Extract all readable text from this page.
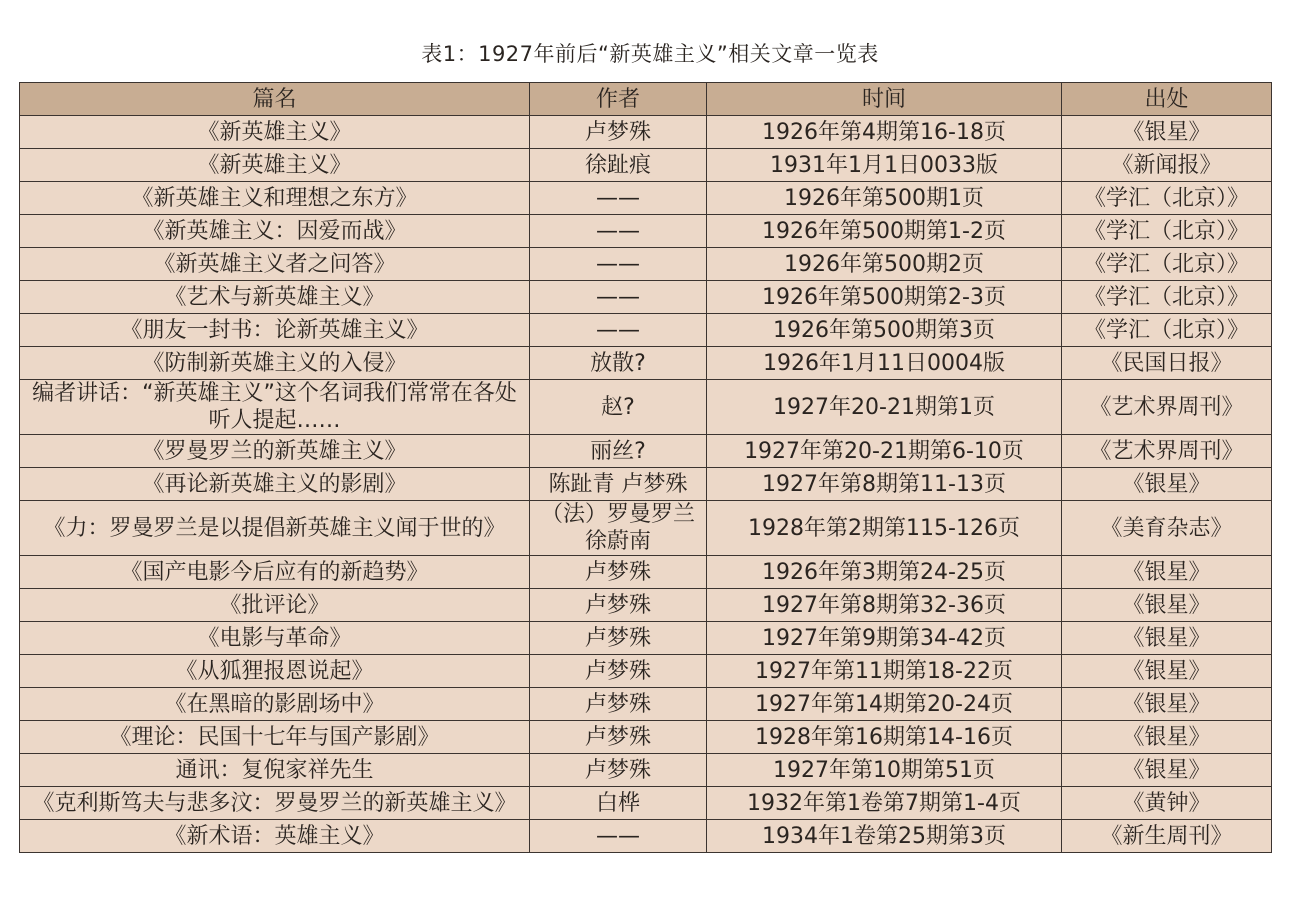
表1：1927年前后“新英雄主义”相关文章一览表
篇名	作者	时间	出处
《新英雄主义》	卢梦殊	1926年第4期第16-18页	《银星》
《新英雄主义》	徐趾痕	1931年1月1日0033版	《新闻报》
《新英雄主义和理想之东方》	——	1926年第500期1页	《学汇（北京）》
《新英雄主义：因爱而战》	——	1926年第500期第1-2页	《学汇（北京）》
《新英雄主义者之问答》	——	1926年第500期2页	《学汇（北京）》
《艺术与新英雄主义》	——	1926年第500期第2-3页	《学汇（北京）》
《朋友一封书：论新英雄主义》	——	1926年第500期第3页	《学汇（北京）》
《防制新英雄主义的入侵》	放散?	1926年1月11日0004版	《民国日报》
编者讲话：“新英雄主义”这个名词我们常常在各处听人提起……	赵?	1927年20-21期第1页	《艺术界周刊》
《罗曼罗兰的新英雄主义》	丽丝?	1927年第20-21期第6-10页	《艺术界周刊》
《再论新英雄主义的影剧》	陈趾青 卢梦殊	1927年第8期第11-13页	《银星》
《力：罗曼罗兰是以提倡新英雄主义闻于世的》	（法）罗曼罗兰 徐蔚南	1928年第2期第115-126页	《美育杂志》
《国产电影今后应有的新趋势》	卢梦殊	1926年第3期第24-25页	《银星》
《批评论》	卢梦殊	1927年第8期第32-36页	《银星》
《电影与革命》	卢梦殊	1927年第9期第34-42页	《银星》
《从狐狸报恩说起》	卢梦殊	1927年第11期第18-22页	《银星》
《在黑暗的影剧场中》	卢梦殊	1927年第14期第20-24页	《银星》
《理论：民国十七年与国产影剧》	卢梦殊	1928年第16期第14-16页	《银星》
通讯：复倪家祥先生	卢梦殊	1927年第10期第51页	《银星》
《克利斯笃夫与悲多汶：罗曼罗兰的新英雄主义》	白桦	1932年第1卷第7期第1-4页	《黄钟》
《新术语：英雄主义》	——	1934年1卷第25期第3页	《新生周刊》
